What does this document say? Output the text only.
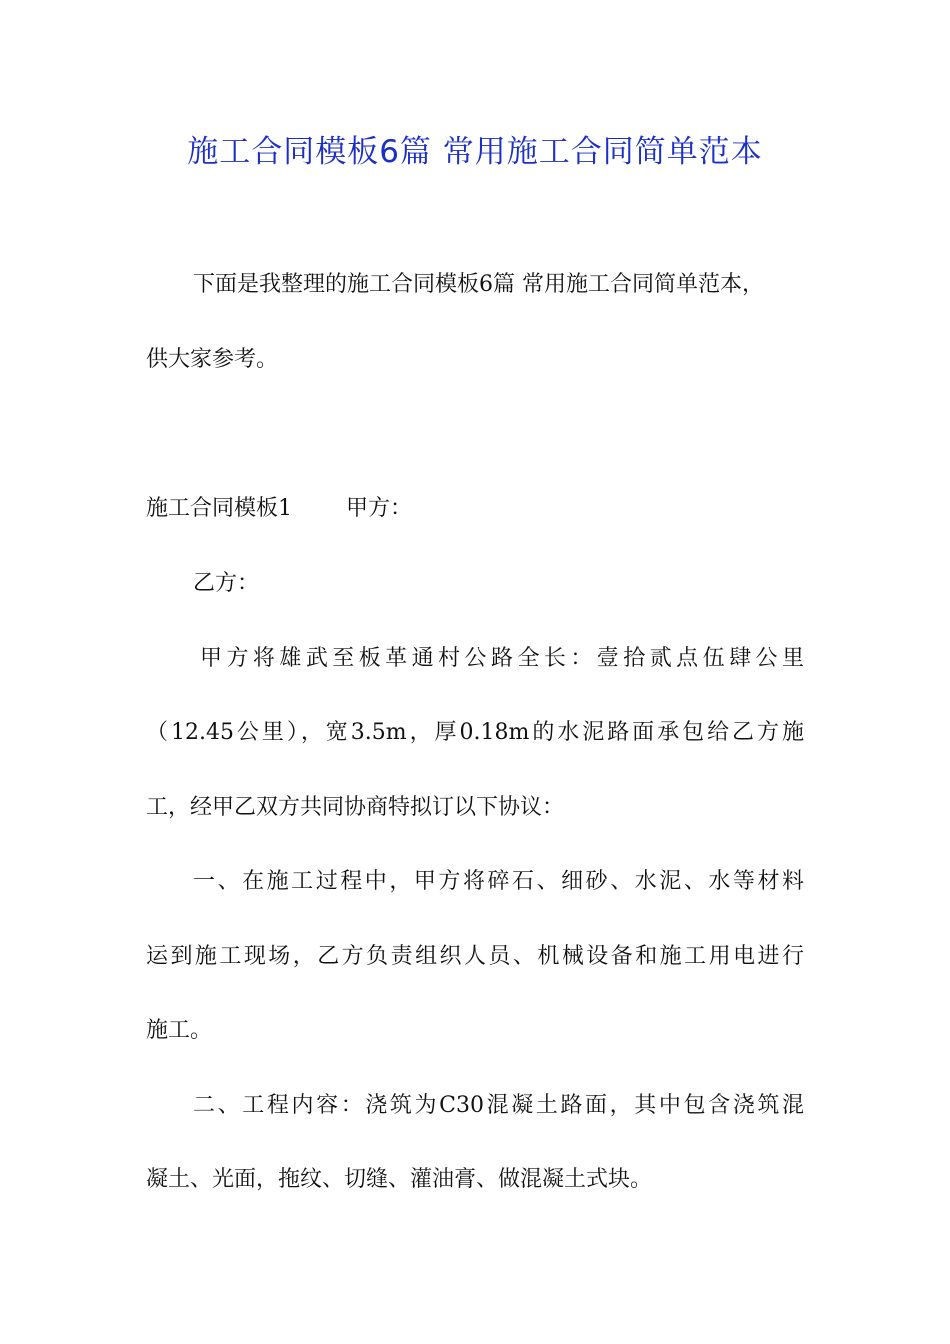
施工合同模板6篇 常用施工合同简单范本
下面是我整理的施工合同模板6篇 常用施工合同简单范本，
供大家参考。
施工合同模板1 甲方：
乙方：
甲方将雄武至板革通村公路全长：壹拾贰点伍肆公里
（12.45公里），宽3.5m，厚0.18m的水泥路面承包给乙方施
工，经甲乙双方共同协商特拟订以下协议：
一、在施工过程中，甲方将碎石、细砂、水泥、水等材料
运到施工现场，乙方负责组织人员、机械设备和施工用电进行
施工。
二、工程内容：浇筑为C30混凝土路面，其中包含浇筑混
凝土、光面，拖纹、切缝、灌油膏、做混凝土式块。
